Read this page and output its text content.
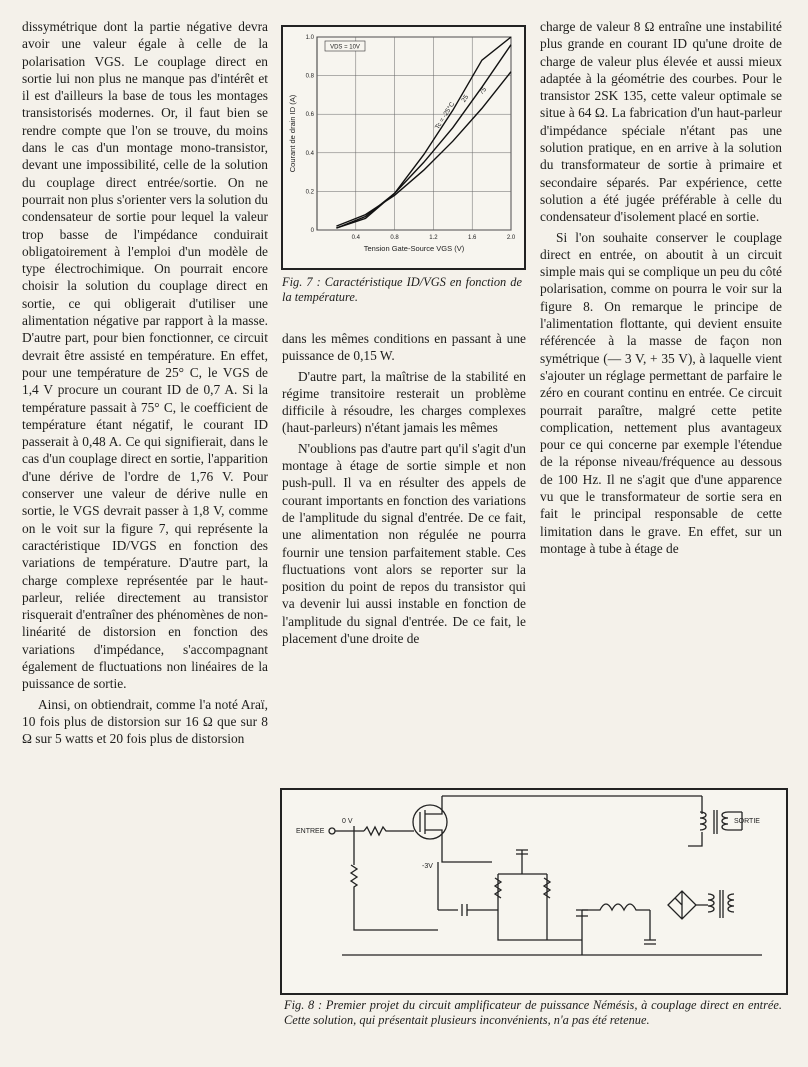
dissymétrique dont la partie négative devra avoir une valeur égale à celle de la polarisation VGS. Le couplage direct en sortie lui non plus ne manque pas d'intérêt et il est d'ailleurs la base de tous les montages transistorisés modernes. Or, il faut bien se rendre compte que l'on se trouve, du moins dans le cas d'un montage mono-transistor, devant une impossibilité, celle de la solution du couplage direct entrée/sortie. On ne pourrait non plus s'orienter vers la solution du condensateur de sortie pour lequel la valeur trop basse de l'impédance conduirait obligatoirement à l'emploi d'un modèle de type électrochimique. On pourrait encore choisir la solution du couplage direct en sortie, ce qui obligerait d'utiliser une alimentation négative par rapport à la masse. D'autre part, pour bien fonctionner, ce circuit devrait être assisté en température. En effet, pour une température de 25° C, le VGS de 1,4 V procure un courant ID de 0,7 A. Si la température passait à 75° C, le coefficient de température étant négatif, le courant ID passerait à 0,48 A. Ce qui signifierait, dans le cas d'un couplage direct en sortie, l'apparition d'une dérive de l'ordre de 1,76 V. Pour conserver une valeur de dérive nulle en sortie, le VGS devrait passer à 1,8 V, comme on le voit sur la figure 7, qui représente la caractéristique ID/VGS en fonction des variations de température. D'autre part, la charge complexe représentée par le haut-parleur, reliée directement au transistor risquerait d'entraîner des phénomènes de non-linéarité de distorsion en fonction des variations d'impédance, s'accompagnant également de fluctuations non linéaires de la puissance de sortie.

Ainsi, on obtiendrait, comme l'a noté Araï, 10 fois plus de distorsion sur 16 Ω que sur 8 Ω sur 5 watts et 20 fois plus de distorsion

0.4	0.8	1.2	1.6	2.0
0
0.2
0.4
0.6
0.8
1.0
Tension Gate-Source VGS (V)
Courant de drain ID (A)
VDS = 10V
Tc = -25°C
25
75
Fig. 7 : Caractéristique ID/VGS en fonction de la température.

dans les mêmes conditions en passant à une puissance de 0,15 W.

D'autre part, la maîtrise de la stabilité en régime transitoire resterait un problème difficile à résoudre, les charges complexes (haut-parleurs) n'étant jamais les mêmes

N'oublions pas d'autre part qu'il s'agit d'un montage à étage de sortie simple et non push-pull. Il va en résulter des appels de courant importants en fonction des variations de l'amplitude du signal d'entrée. De ce fait, une alimentation non régulée ne pourra fournir une tension parfaitement stable. Ces fluctuations vont alors se reporter sur la position du point de repos du transistor qui va devenir lui aussi instable en fonction de l'amplitude du signal d'entrée. De ce fait, le placement d'une droite de

charge de valeur 8 Ω entraîne une instabilité plus grande en courant ID qu'une droite de charge de valeur plus élevée et aussi mieux adaptée à la géométrie des courbes. Pour le transistor 2SK 135, cette valeur optimale se situe à 64 Ω. La fabrication d'un haut-parleur d'impédance spéciale n'étant pas une solution pratique, en en arrive à la solution du transformateur de sortie à primaire et secondaire séparés. Par expérience, cette solution a été jugée préférable à celle du condensateur d'isolement placé en sortie.

Si l'on souhaite conserver le couplage direct en entrée, on aboutit à un circuit simple mais qui se complique un peu du côté polarisation, comme on pourra le voir sur la figure 8. On remarque le principe de l'alimentation flottante, qui devient ensuite référencée à la masse de façon non symétrique (— 3 V, + 35 V), à laquelle vient s'ajouter un réglage permettant de parfaire le zéro en courant continu en entrée. Ce circuit pourrait paraître, malgré cette petite complication, nettement plus avantageux pour ce qui concerne par exemple l'étendue de la réponse niveau/fréquence au dessous de 100 Hz. Il ne s'agit que d'une apparence vu que le transformateur de sortie sera en fait le principal responsable de cette limitation dans le grave. En effet, sur un montage à tube à étage de

ENTREE
0 V	SORTIE
-3V
Fig. 8 : Premier projet du circuit amplificateur de puissance Némésis, à couplage direct en entrée. Cette solution, qui présentait plusieurs inconvénients, n'a pas été retenue.
